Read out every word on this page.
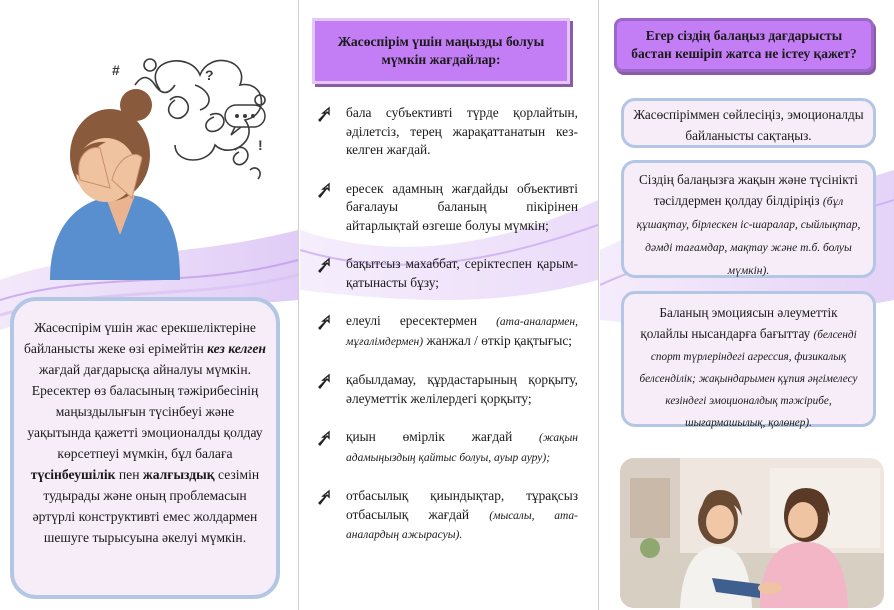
?
!
#
Жасөспірім үшін жас ерекшеліктеріне байланысты жеке өзі ерімейтін кез келген жағдай дағдарысқа айналуы мүмкін. Ересектер өз баласының тәжірибесінің маңыздылығын түсінбеуі және уақытында қажетті эмоционалды қолдау көрсетпеуі мүмкін, бұл балаға түсінбеушілік пен жалғыздық сезімін тудырады және оның проблемасын әртүрлі конструктивті емес жолдармен шешуге тырысуына әкелуі мүмкін.
Жасөспірім үшін маңызды болуы мүмкін жағдайлар:
бала субъективті түрде қорлайтын, әділетсіз, терең жарақаттанатын кез-келген жағдай.
ересек адамның жағдайды объективті бағалауы баланың пікірінен айтарлықтай өзгеше болуы мүмкін;
бақытсыз махаббат, серіктеспен қарым-қатынасты бұзу;
елеулі ересектермен (ата-аналармен, мұғалімдермен) жанжал / өткір қақтығыс;
қабылдамау, құрдастарының қорқыту, әлеуметтік желілердегі қорқыту;
қиын өмірлік жағдай (жақын адамыңыздың қайтыс болуы, ауыр ауру);
отбасылық қиындықтар, тұрақсыз отбасылық жағдай (мысалы, ата-аналардың ажырасуы).
Егер сіздің балаңыз дағдарысты бастан кешіріп жатса не істеу қажет?
Жасөспіріммен сөйлесіңіз, эмоционалды байланысты сақтаңыз.
Сіздің балаңызға жақын және түсінікті тәсілдермен қолдау білдіріңіз (бұл құшақтау, бірлескен іс-шаралар, сыйлықтар, дәмді тағамдар, мақтау және т.б. болуы мүмкін).
Баланың эмоциясын әлеуметтік қолайлы нысандарға бағыттау (белсенді спорт түрлеріндегі агрессия, физикалық белсенділік; жақындарымен құпия әңгімелесу кезіндегі эмоционалдық тәжірибе, шығармашылық, қолөнер).
